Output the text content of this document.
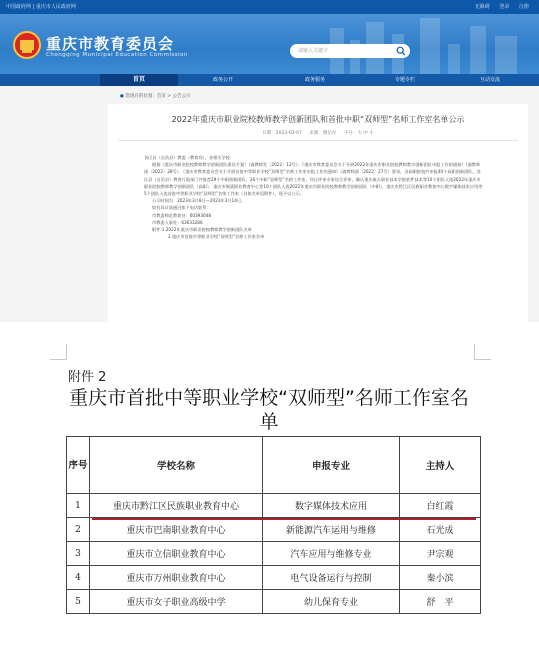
中国政府网 | 重庆市人民政府网	无障碍 登录 注册
重庆市教育委员会
Chongqing Municipal Education Commission
请输入关键字
首页	政务公开	政务服务	专题专栏	互动交流
● 您现在的位置：首页 > 公告公示
2022年重庆市职业院校教师教学创新团队和首批中职“双师型”名师工作室名单公示
日期：2023-03-07 来源：微信办 字号：大 中 小

各区县（自治县）教委（教育局），各相关学校：

根据《重庆市职业院校教师教学创新团队建设方案》（渝教师发〔2022〕13号）、《重庆市教育委员会关于开展2022年重庆市职业院校教师教学创新团队申报工作的通知》（渝教师函〔2022〕28号）、《重庆市教育委员会关于开展首批中等职业学校“双师型”名师工作室申报工作的通知》（渝教师函〔2022〕27号）要求，各高职院校共申报40个高职创新团队，各区县（自治县）教育行政部门共推荐29个中职创新团队、26个中职“双师型”名师工作室。经过评审专家综合评审，确认重庆航天职业技术学院软件技术等10个团队入选2022年重庆市职业院校教师教学创新团队（高职），重庆市铜梁职业教育中心等10个团队入选2022年重庆市职业院校教师教学创新团队（中职），重庆市黔江区民族职业教育中心数字媒体技术应用等5个团队入选首批中等职业学校“双师型”名师工作室（具体名单见附件），现予以公示。

公示时间为：2023年3月8日—2023年3月14日。

如有异议请通过如下电话联系：

市教委师范教育处：60393048

市教委人事处：63633286

附件:1.2022年重庆市职业院校教师教学创新团队名单

2.重庆市首批中等职业学校“双师型”名师工作室名单

附件 2
重庆市首批中等职业学校“双师型”名师工作室名单
序号	学校名称	申报专业	主持人
1	重庆市黔江区民族职业教育中心	数字媒体技术应用	白红霞
2	重庆市巴南职业教育中心	新能源汽车运用与维修	石光成
3	重庆市立信职业教育中心	汽车应用与维修专业	尹宗观
4	重庆市万州职业教育中心	电气设备运行与控制	秦小滨
5	重庆市女子职业高级中学	幼儿保育专业	舒　平
